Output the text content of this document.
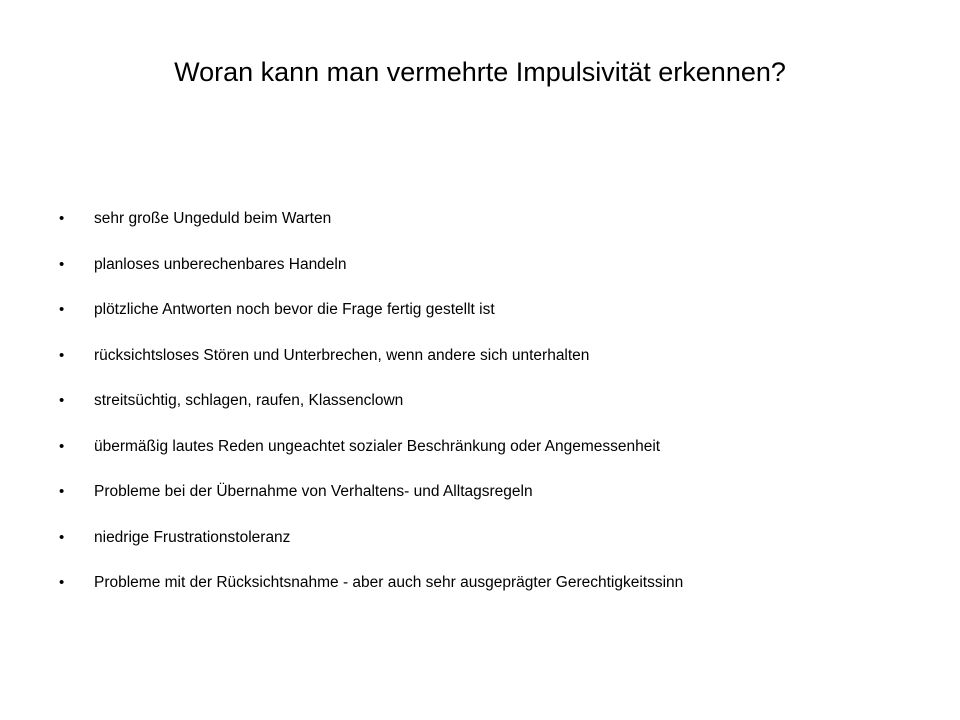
Woran kann man vermehrte Impulsivität erkennen?
•	sehr große Ungeduld beim Warten
•	planloses unberechenbares Handeln
•	plötzliche Antworten noch bevor die Frage fertig gestellt ist
•	rücksichtsloses Stören und Unterbrechen, wenn andere sich unterhalten
•	streitsüchtig, schlagen, raufen, Klassenclown
•	übermäßig lautes Reden ungeachtet sozialer Beschränkung oder Angemessenheit
•	Probleme bei der Übernahme von Verhaltens- und Alltagsregeln
•	niedrige Frustrationstoleranz
•	Probleme mit der Rücksichtsnahme - aber auch sehr ausgeprägter Gerechtigkeitssinn
